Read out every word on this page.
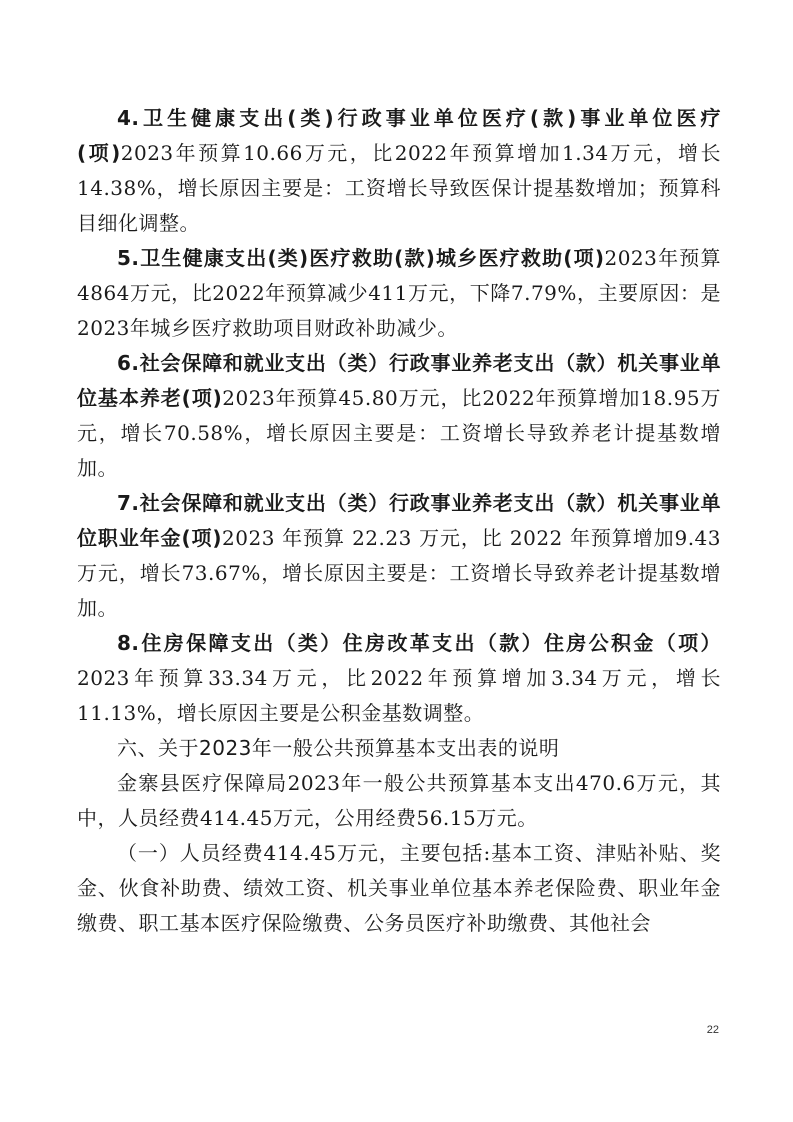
4.卫生健康支出(类)行政事业单位医疗(款)事业单位医疗(项)2023年预算10.66万元，比2022年预算增加1.34万元，增长14.38%，增长原因主要是：工资增长导致医保计提基数增加；预算科目细化调整。

5.卫生健康支出(类)医疗救助(款)城乡医疗救助(项)2023年预算4864万元，比2022年预算减少411万元，下降7.79%，主要原因：是2023年城乡医疗救助项目财政补助减少。

6.社会保障和就业支出（类）行政事业养老支出（款）机关事业单位基本养老(项)2023年预算45.80万元，比2022年预算增加18.95万元，增长70.58%，增长原因主要是：工资增长导致养老计提基数增加。

7.社会保障和就业支出（类）行政事业养老支出（款）机关事业单位职业年金(项)2023 年预算 22.23 万元，比 2022 年预算增加9.43万元，增长73.67%，增长原因主要是：工资增长导致养老计提基数增加。

8.住房保障支出（类）住房改革支出（款）住房公积金（项）2023年预算33.34万元，比2022年预算增加3.34万元，增长11.13%，增长原因主要是公积金基数调整。

六、关于2023年一般公共预算基本支出表的说明

金寨县医疗保障局2023年一般公共预算基本支出470.6万元，其中，人员经费414.45万元，公用经费56.15万元。

（一）人员经费414.45万元，主要包括:基本工资、津贴补贴、奖金、伙食补助费、绩效工资、机关事业单位基本养老保险费、职业年金缴费、职工基本医疗保险缴费、公务员医疗补助缴费、其他社会

22
